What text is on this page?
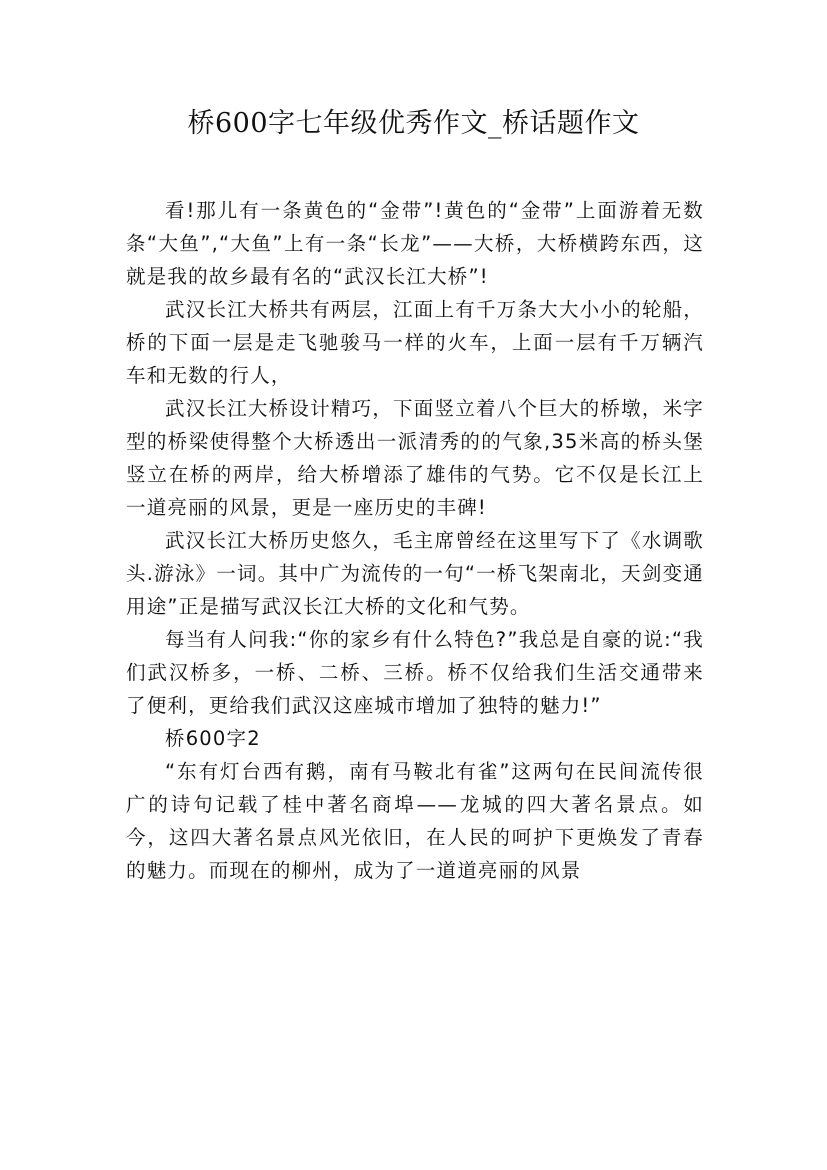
桥600字七年级优秀作文_桥话题作文

看!那儿有一条黄色的“金带”!黄色的“金带”上面游着无数条“大鱼”,“大鱼”上有一条“长龙”——大桥，大桥横跨东西，这就是我的故乡最有名的“武汉长江大桥”!

武汉长江大桥共有两层，江面上有千万条大大小小的轮船，桥的下面一层是走飞驰骏马一样的火车，上面一层有千万辆汽车和无数的行人，

武汉长江大桥设计精巧，下面竖立着八个巨大的桥墩，米字型的桥梁使得整个大桥透出一派清秀的的气象,35米高的桥头堡竖立在桥的两岸，给大桥增添了雄伟的气势。它不仅是长江上一道亮丽的风景，更是一座历史的丰碑!

武汉长江大桥历史悠久，毛主席曾经在这里写下了《水调歌头.游泳》一词。其中广为流传的一句“一桥飞架南北，天剑变通用途”正是描写武汉长江大桥的文化和气势。

每当有人问我:“你的家乡有什么特色?”我总是自豪的说:“我们武汉桥多，一桥、二桥、三桥。桥不仅给我们生活交通带来了便利，更给我们武汉这座城市增加了独特的魅力!”

桥600字2

“东有灯台西有鹅，南有马鞍北有雀”这两句在民间流传很广的诗句记载了桂中著名商埠——龙城的四大著名景点。如今，这四大著名景点风光依旧，在人民的呵护下更焕发了青春的魅力。而现在的柳州，成为了一道道亮丽的风景
